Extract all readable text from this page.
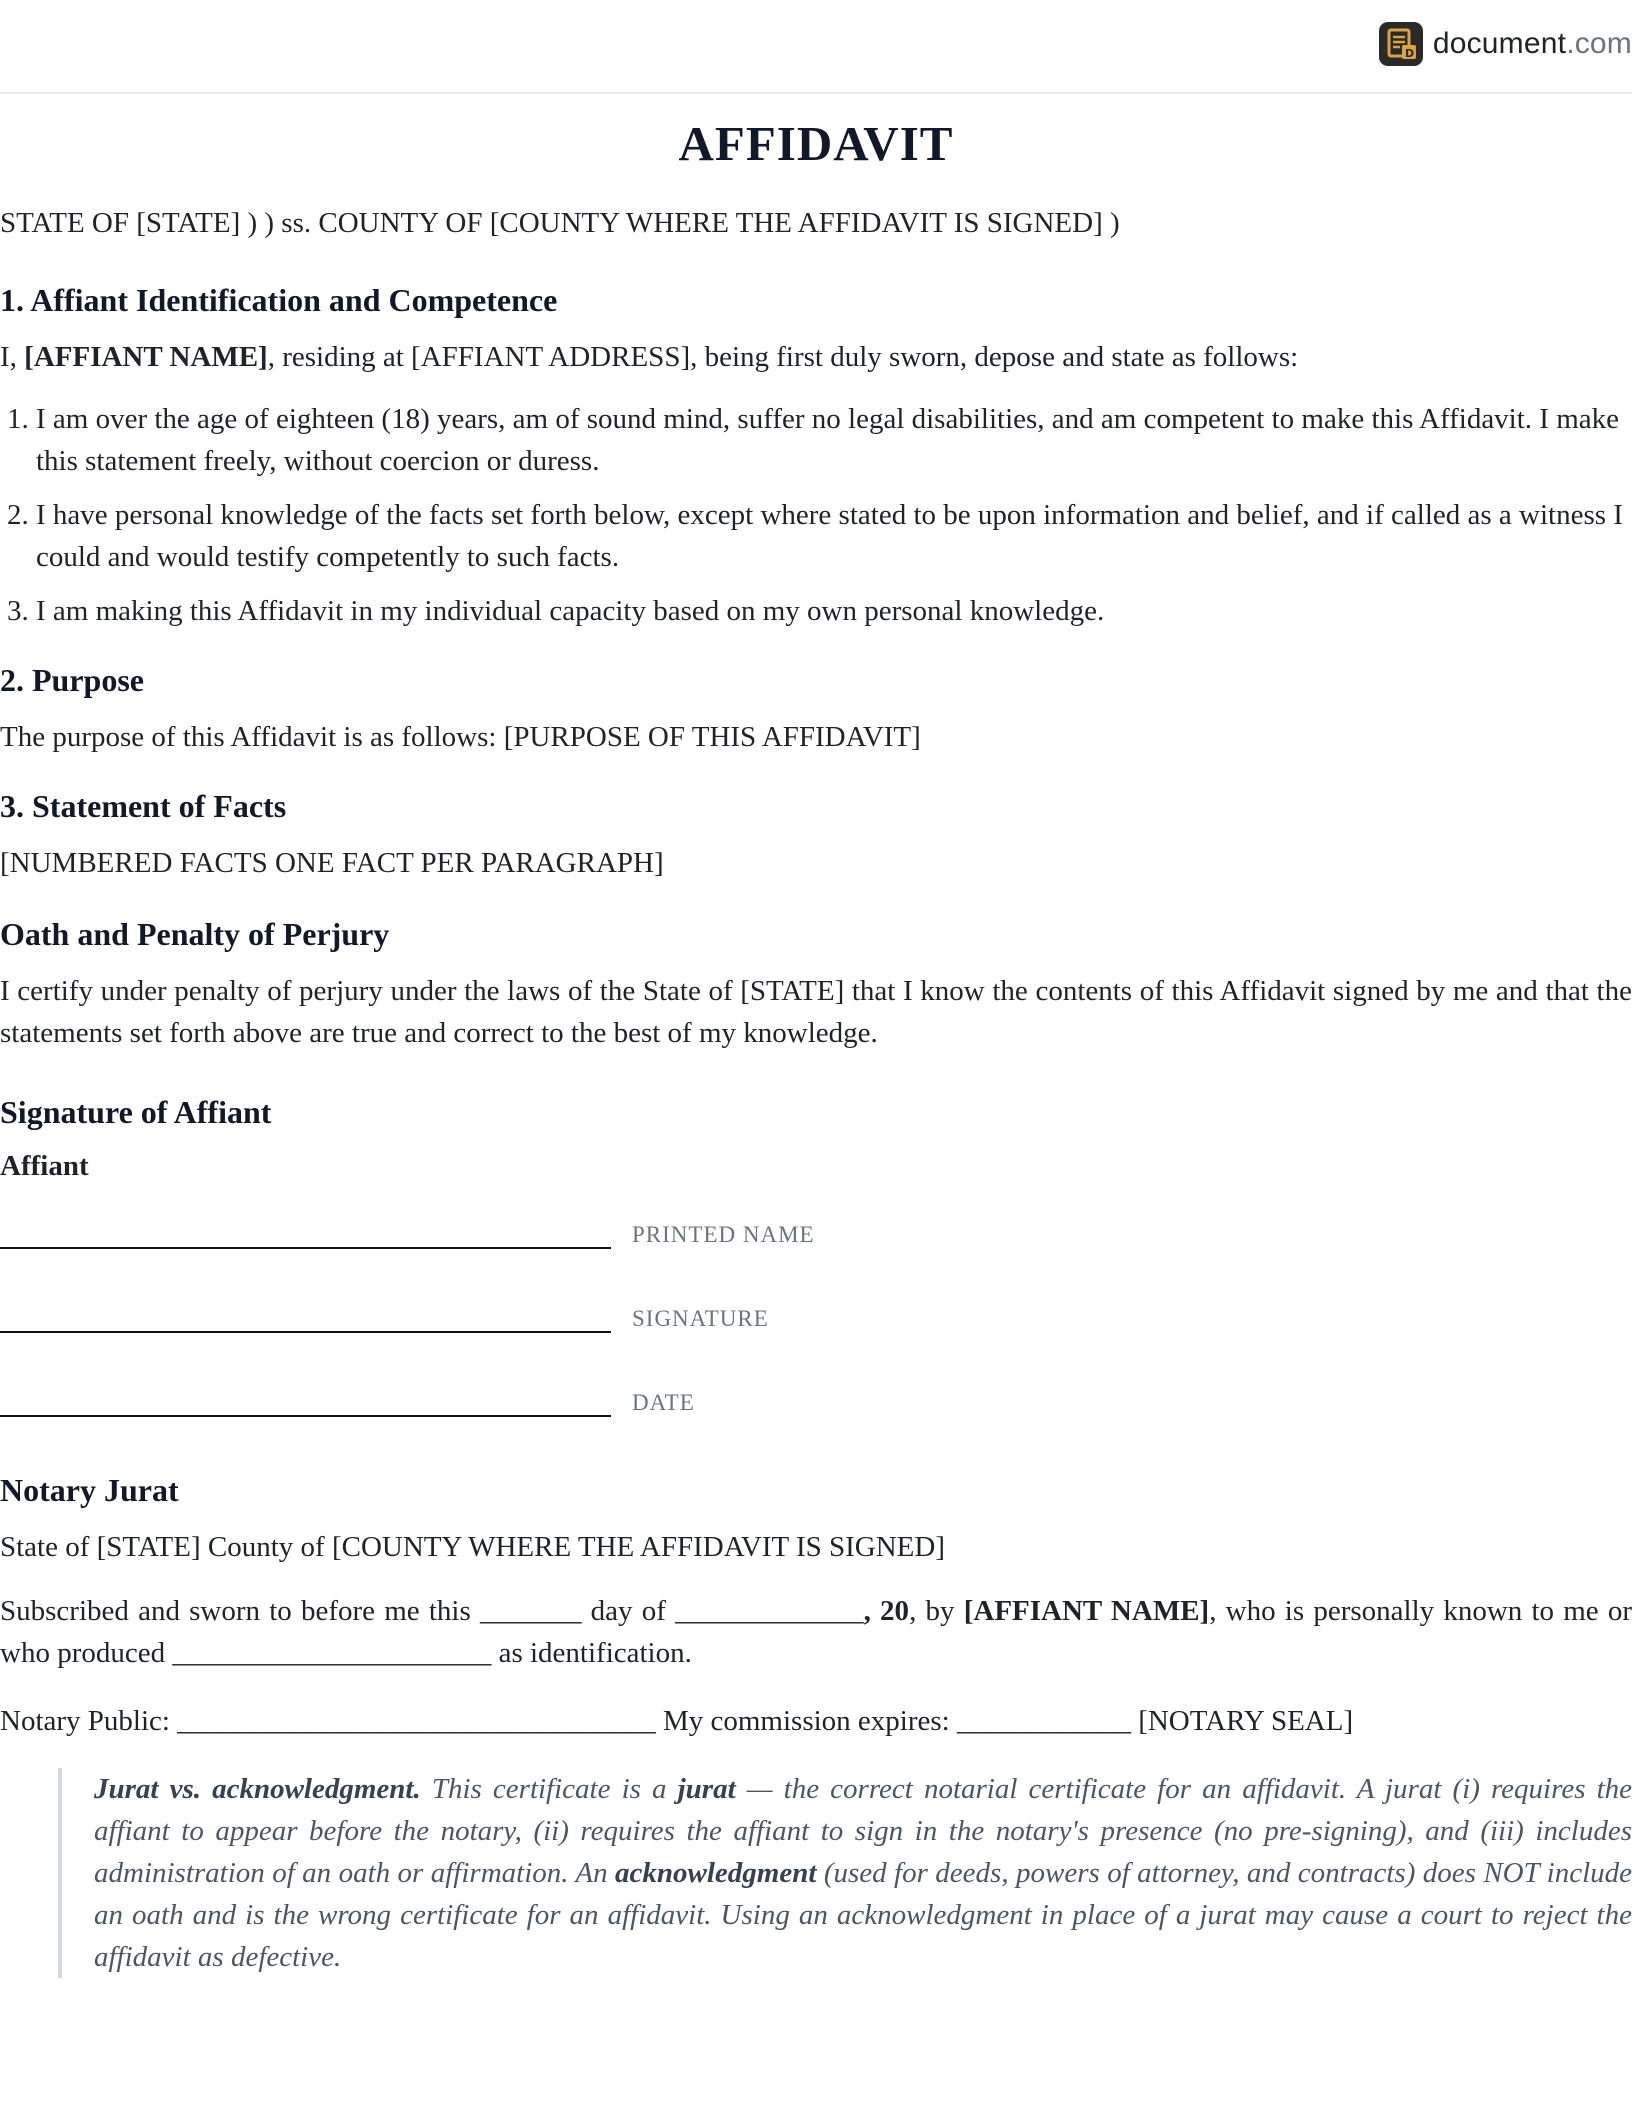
D document.com
AFFIDAVIT

STATE OF [STATE] ) ) ss. COUNTY OF [COUNTY WHERE THE AFFIDAVIT IS SIGNED] )

1. Affiant Identification and Competence

I, [AFFIANT NAME], residing at [AFFIANT ADDRESS], being first duly sworn, depose and state as follows:

1. I am over the age of eighteen (18) years, am of sound mind, suffer no legal disabilities, and am competent to make this Affidavit. I make this statement freely, without coercion or duress.
2. I have personal knowledge of the facts set forth below, except where stated to be upon information and belief, and if called as a witness I could and would testify competently to such facts.
3. I am making this Affidavit in my individual capacity based on my own personal knowledge.
2. Purpose

The purpose of this Affidavit is as follows: [PURPOSE OF THIS AFFIDAVIT]

3. Statement of Facts

[NUMBERED FACTS ONE FACT PER PARAGRAPH]

Oath and Penalty of Perjury

I certify under penalty of perjury under the laws of the State of [STATE] that I know the contents of this Affidavit signed by me and that the statements set forth above are true and correct to the best of my knowledge.

Signature of Affiant
Affiant
PRINTED NAME
SIGNATURE
DATE
Notary Jurat

State of [STATE] County of [COUNTY WHERE THE AFFIDAVIT IS SIGNED]

Subscribed and sworn to before me this _______ day of _____________, 20, by [AFFIANT NAME], who is personally known to me or who produced ______________________ as identification.

Notary Public: _________________________________ My commission expires: ____________ [NOTARY SEAL]

Jurat vs. acknowledgment. This certificate is a jurat — the correct notarial certificate for an affidavit. A jurat (i) requires the affiant to appear before the notary, (ii) requires the affiant to sign in the notary's presence (no pre-signing), and (iii) includes administration of an oath or affirmation. An acknowledgment (used for deeds, powers of attorney, and contracts) does NOT include an oath and is the wrong certificate for an affidavit. Using an acknowledgment in place of a jurat may cause a court to reject the affidavit as defective.
